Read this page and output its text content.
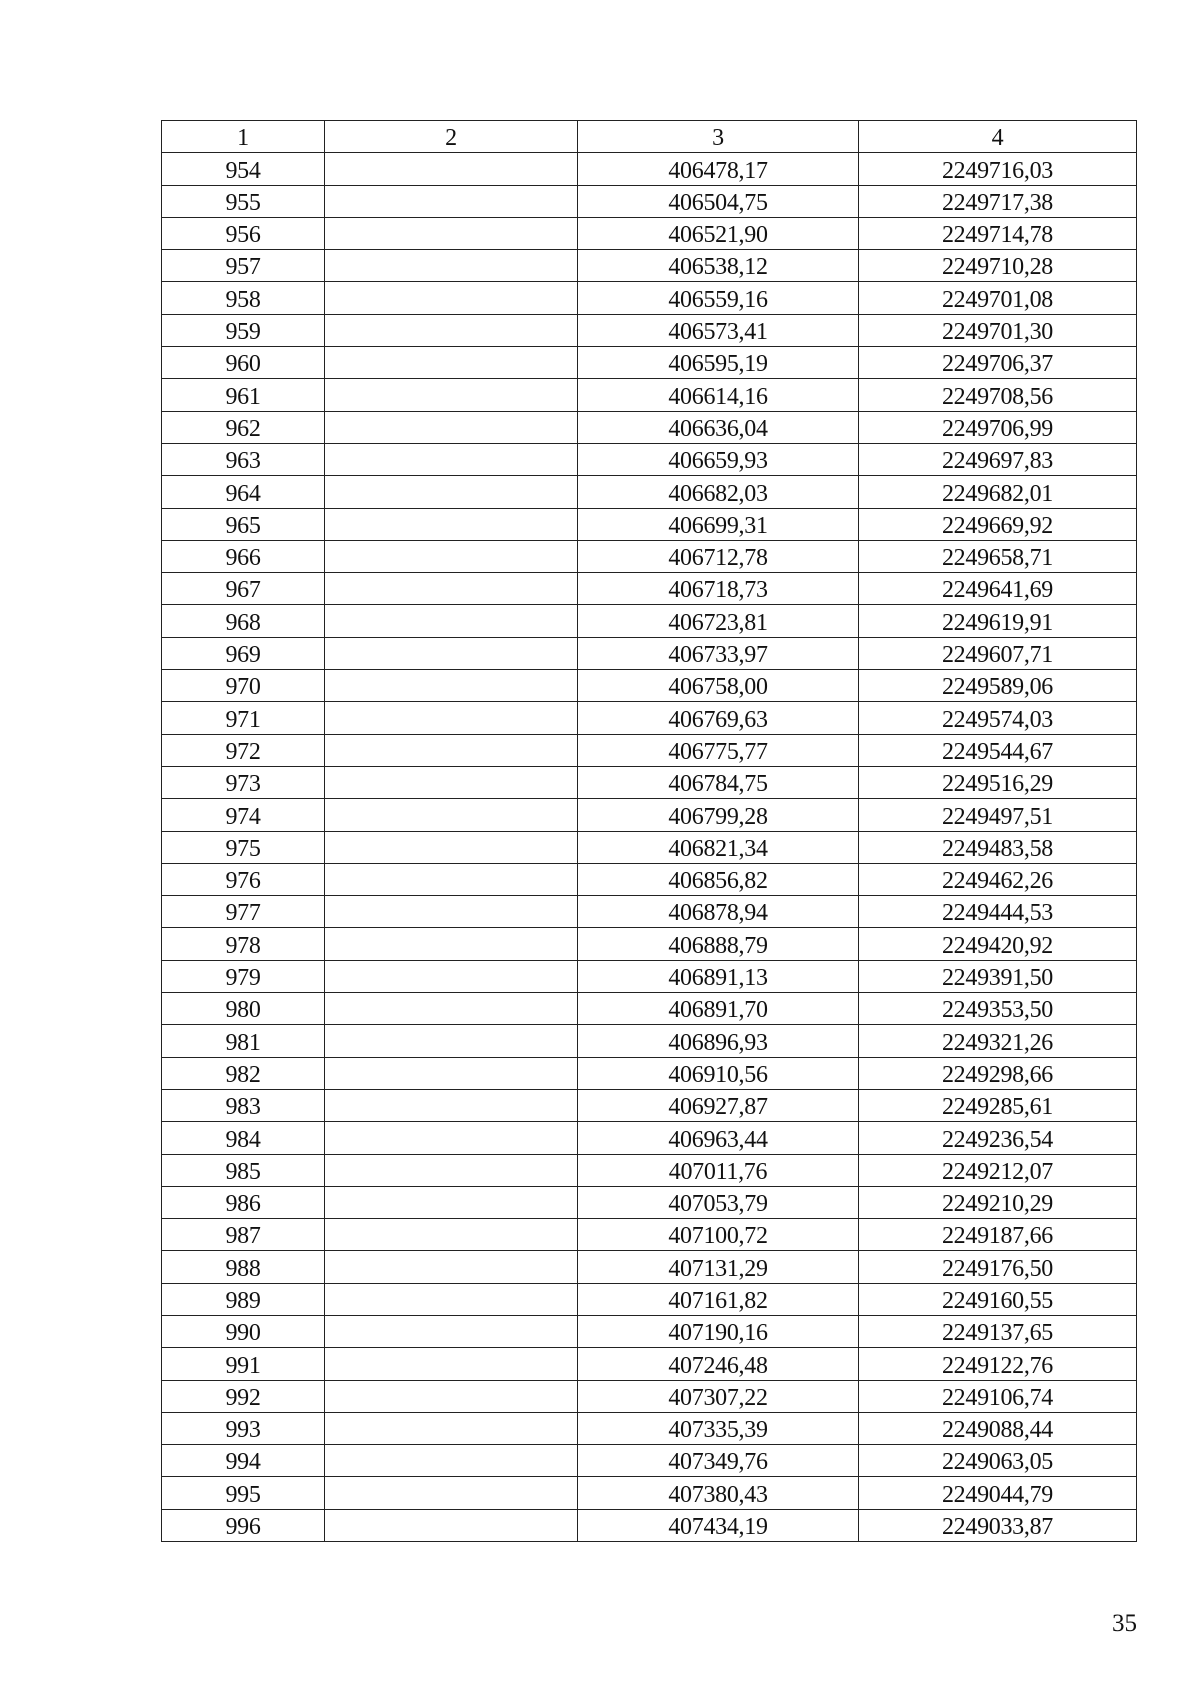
1	2	3	4
954		406478,17	2249716,03
955		406504,75	2249717,38
956		406521,90	2249714,78
957		406538,12	2249710,28
958		406559,16	2249701,08
959		406573,41	2249701,30
960		406595,19	2249706,37
961		406614,16	2249708,56
962		406636,04	2249706,99
963		406659,93	2249697,83
964		406682,03	2249682,01
965		406699,31	2249669,92
966		406712,78	2249658,71
967		406718,73	2249641,69
968		406723,81	2249619,91
969		406733,97	2249607,71
970		406758,00	2249589,06
971		406769,63	2249574,03
972		406775,77	2249544,67
973		406784,75	2249516,29
974		406799,28	2249497,51
975		406821,34	2249483,58
976		406856,82	2249462,26
977		406878,94	2249444,53
978		406888,79	2249420,92
979		406891,13	2249391,50
980		406891,70	2249353,50
981		406896,93	2249321,26
982		406910,56	2249298,66
983		406927,87	2249285,61
984		406963,44	2249236,54
985		407011,76	2249212,07
986		407053,79	2249210,29
987		407100,72	2249187,66
988		407131,29	2249176,50
989		407161,82	2249160,55
990		407190,16	2249137,65
991		407246,48	2249122,76
992		407307,22	2249106,74
993		407335,39	2249088,44
994		407349,76	2249063,05
995		407380,43	2249044,79
996		407434,19	2249033,87
35
